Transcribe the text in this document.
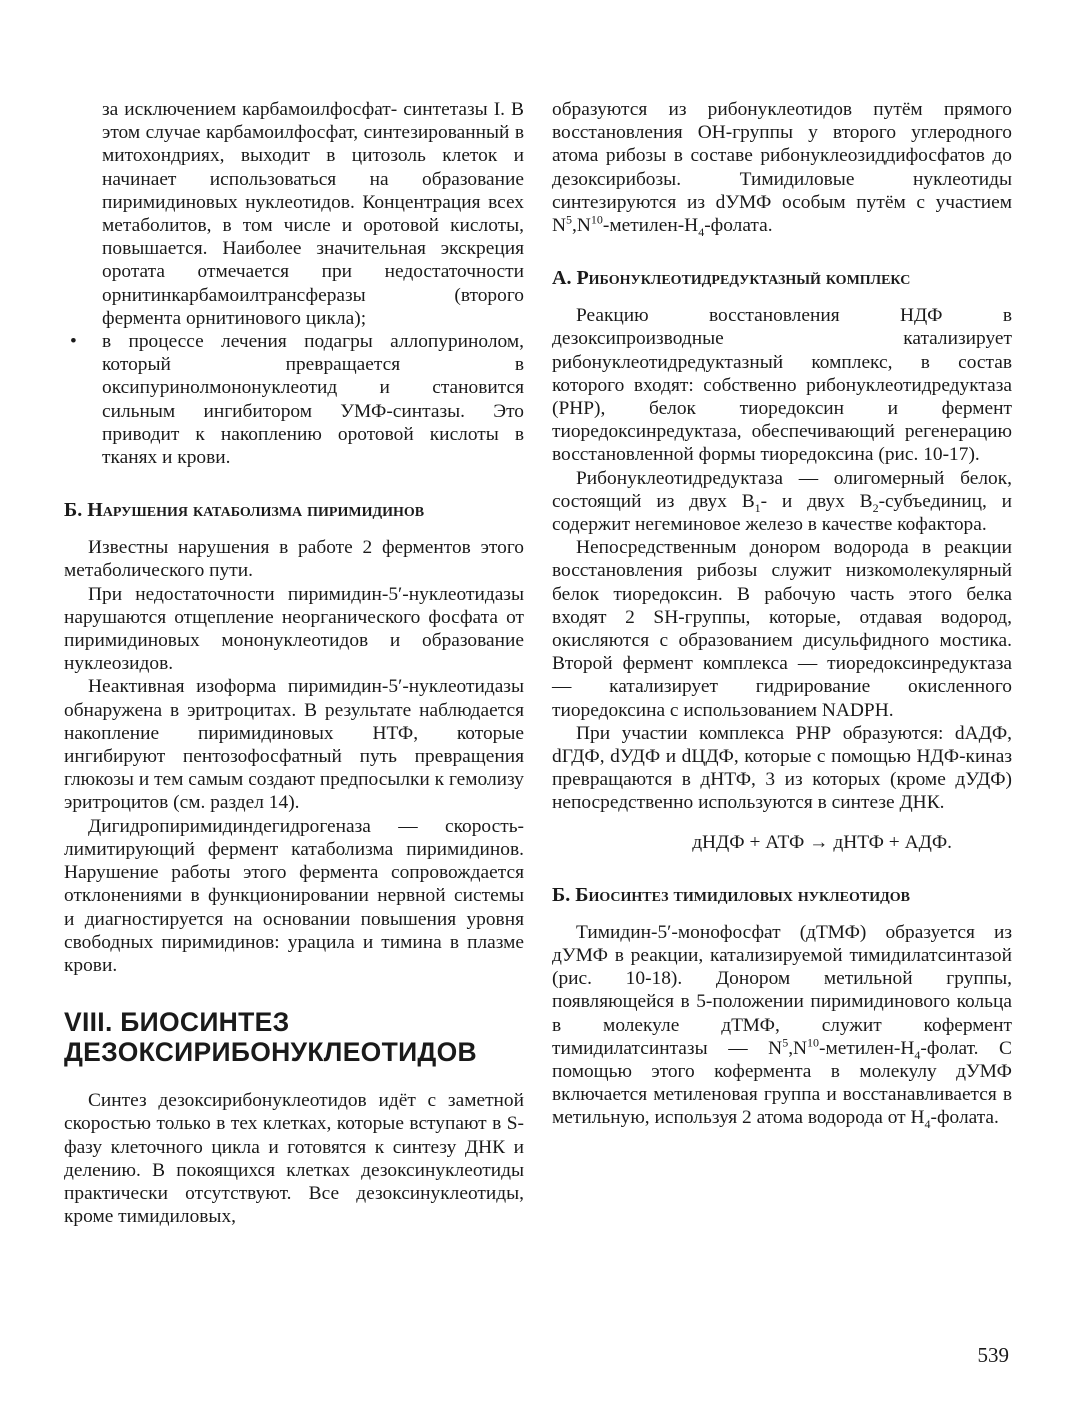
за исключением карбамоилфосфат- синтетазы I. В этом случае карбамоилфосфат, синтезированный в митохондриях, выходит в цитозоль клеток и начинает использоваться на образование пиримидиновых нуклеотидов. Концентрация всех метаболитов, в том числе и оротовой кислоты, повышается. Наиболее значительная экскреция оротата отмечается при недостаточности орнитинкарбамоилтрансферазы (второго фермента орнитинового цикла);

• в процессе лечения подагры аллопуринолом, который превращается в оксипуринолмононуклеотид и становится сильным ингибитором УМФ-синтазы. Это приводит к накоплению оротовой кислоты в тканях и крови.
Б. Нарушения катаболизма пиримидинов

Известны нарушения в работе 2 ферментов этого метаболического пути.

При недостаточности пиримидин-5′-нуклеотидазы нарушаются отщепление неорганического фосфата от пиримидиновых мононуклеотидов и образование нуклеозидов.

Неактивная изоформа пиримидин-5′-нуклеотидазы обнаружена в эритроцитах. В результате наблюдается накопление пиримидиновых НТФ, которые ингибируют пентозофосфатный путь превращения глюкозы и тем самым создают предпосылки к гемолизу эритроцитов (см. раздел 14).

Дигидропиримидиндегидрогеназа — скорость-лимитирующий фермент катаболизма пиримидинов. Нарушение работы этого фермента сопровождается отклонениями в функционировании нервной системы и диагностируется на основании повышения уровня свободных пиримидинов: урацила и тимина в плазме крови.

VIII. БИОСИНТЕЗ
ДЕЗОКСИРИБОНУКЛЕОТИДОВ

Синтез дезоксирибонуклеотидов идёт с заметной скоростью только в тех клетках, которые вступают в S-фазу клеточного цикла и готовятся к синтезу ДНК и делению. В покоящихся клетках дезоксинуклеотиды практически отсутствуют. Все дезоксинуклеотиды, кроме тимидиловых,

образуются из рибонуклеотидов путём прямого восстановления ОН-группы у второго углеродного атома рибозы в составе рибонуклеозиддифосфатов до дезоксирибозы. Тимидиловые нуклеотиды синтезируются из dУМФ особым путём с участием $N^5,N^{10}-метилен-Н_4$-фолата.

А. Рибонуклеотидредуктазный комплекс

Реакцию восстановления НДФ в дезоксипроизводные катализирует рибонуклеотидредуктазный комплекс, в состав которого входят: собственно рибонуклеотидредуктаза (РНР), белок тиоредоксин и фермент тиоредоксинредуктаза, обеспечивающий регенерацию восстановленной формы тиоредоксина (рис. 10-17).

Рибонуклеотидредуктаза — олигомерный белок, состоящий из двух $B_1-$ и двух $B_2$-субъединиц, и содержит негеминовое железо в качестве кофактора.

Непосредственным донором водорода в реакции восстановления рибозы служит низкомолекулярный белок тиоредоксин. В рабочую часть этого белка входят 2 SH-группы, которые, отдавая водород, окисляются с образованием дисульфидного мостика. Второй фермент комплекса — тиоредоксинредуктаза — катализирует гидрирование окисленного тиоредоксина с использованием NADPH.

При участии комплекса РНР образуются: dАДФ, dГДФ, dУДФ и dЦДФ, которые с помощью НДФ-киназ превращаются в дНТФ, 3 из которых (кроме дУДФ) непосредственно используются в синтезе ДНК.

дНДФ + АТФ → дНТФ + АДФ.
Б. Биосинтез тимидиловых нуклеотидов

Тимидин-5′-монофосфат (дТМФ) образуется из дУМФ в реакции, катализируемой тимидилатсинтазой (рис. 10-18). Донором метильной группы, появляющейся в 5-положении пиримидинового кольца в молекуле дТМФ, служит кофермент тимидилатсинтазы — $N^5,N^{10}-метилен-Н_4$-фолат. С помощью этого кофермента в молекулу дУМФ включается метиленовая группа и восстанавливается в метильную, используя 2 атома водорода от $Н_4$-фолата.

539
